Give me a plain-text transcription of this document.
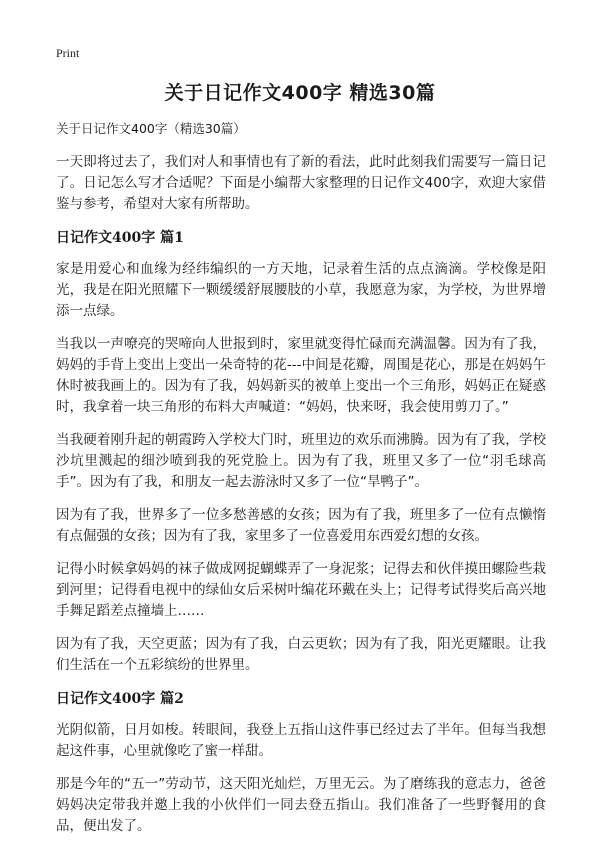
Print
关于日记作文400字 精选30篇
关于日记作文400字（精选30篇）

一天即将过去了，我们对人和事情也有了新的看法，此时此刻我们需要写一篇日记了。日记怎么写才合适呢？下面是小编帮大家整理的日记作文400字，欢迎大家借鉴与参考，希望对大家有所帮助。

日记作文400字 篇1

家是用爱心和血缘为经纬编织的一方天地，记录着生活的点点滴滴。学校像是阳光，我是在阳光照耀下一颗缓缓舒展腰肢的小草，我愿意为家，为学校，为世界增添一点绿。

当我以一声嘹亮的哭啼向人世报到时，家里就变得忙碌而充满温馨。因为有了我，妈妈的手背上变出上变出一朵奇特的花---中间是花瓣，周围是花心，那是在妈妈午休时被我画上的。因为有了我，妈妈新买的被单上变出一个三角形，妈妈正在疑惑时，我拿着一块三角形的布料大声喊道：“妈妈，快来呀，我会使用剪刀了。”

当我硬着刚升起的朝霞跨入学校大门时，班里边的欢乐而沸腾。因为有了我，学校沙坑里溅起的细沙喷到我的死党脸上。因为有了我，班里又多了一位“羽毛球高手”。因为有了我，和朋友一起去游泳时又多了一位“旱鸭子”。

因为有了我，世界多了一位多愁善感的女孩；因为有了我，班里多了一位有点懒惰有点倔强的女孩；因为有了我，家里多了一位喜爱用东西爱幻想的女孩。

记得小时候拿妈妈的袜子做成网捉蝴蝶弄了一身泥浆；记得去和伙伴摸田螺险些栽到河里；记得看电视中的绿仙女后采树叶编花环戴在头上；记得考试得奖后高兴地手舞足蹈差点撞墙上……

因为有了我，天空更蓝；因为有了我，白云更软；因为有了我，阳光更耀眼。让我们生活在一个五彩缤纷的世界里。

日记作文400字 篇2

光阴似箭，日月如梭。转眼间，我登上五指山这件事已经过去了半年。但每当我想起这件事，心里就像吃了蜜一样甜。

那是今年的“五一”劳动节，这天阳光灿烂，万里无云。为了磨练我的意志力，爸爸妈妈决定带我并邀上我的小伙伴们一同去登五指山。我们准备了一些野餐用的食品，便出发了。
